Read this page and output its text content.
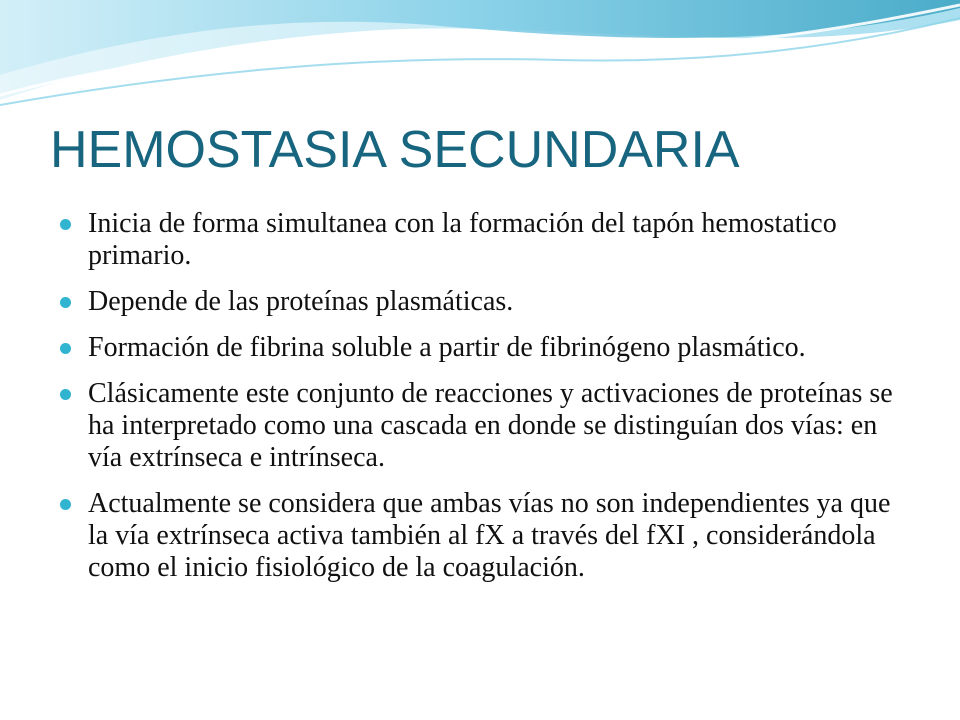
HEMOSTASIA SECUNDARIA
Inicia de forma simultanea con la formación del tapón hemostatico primario.
Depende de las proteínas plasmáticas.
Formación de fibrina soluble a partir de fibrinógeno plasmático.
Clásicamente este conjunto de reacciones y activaciones de proteínas se ha interpretado como una cascada en donde se distinguían dos vías: en vía extrínseca e intrínseca.
Actualmente se considera que ambas vías no son independientes ya que la vía extrínseca activa también al fX a través del fXI , considerándola como el inicio fisiológico de la coagulación.
